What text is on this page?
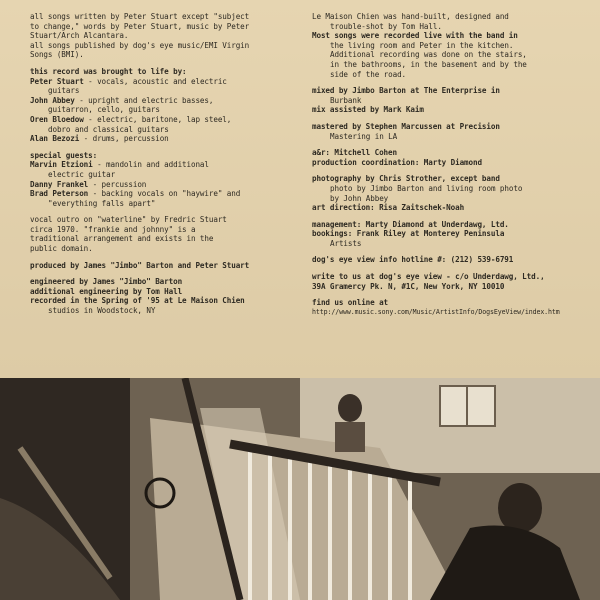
all songs written by Peter Stuart except "subject
to change," words by Peter Stuart, music by Peter
Stuart/Arch Alcantara.
all songs published by dog's eye music/EMI Virgin
Songs (BMI).
this record was brought to life by:
Peter Stuart - vocals, acoustic and electric
guitars
John Abbey - upright and electric basses,
guitarron, cello, guitars
Oren Bloedow - electric, baritone, lap steel,
dobro and classical guitars
Alan Bezozi - drums, percussion
special guests:
Marvin Etzioni - mandolin and additional
electric guitar
Danny Frankel - percussion
Brad Peterson - backing vocals on "haywire" and
"everything falls apart"
vocal outro on "waterline" by Fredric Stuart
circa 1970. "frankie and johnny" is a
traditional arrangement and exists in the
public domain.
produced by James "Jimbo" Barton and Peter Stuart
engineered by James "Jimbo" Barton
additional engineering by Tom Hall
recorded in the Spring of '95 at Le Maison Chien
studios in Woodstock, NY
Le Maison Chien was hand-built, designed and
trouble-shot by Tom Hall.
Most songs were recorded live with the band in
the living room and Peter in the kitchen.
Additional recording was done on the stairs,
in the bathrooms, in the basement and by the
side of the road.
mixed by Jimbo Barton at The Enterprise in
Burbank
mix assisted by Mark Kaim
mastered by Stephen Marcussen at Precision
Mastering in LA
a&r: Mitchell Cohen
production coordination: Marty Diamond
photography by Chris Strother, except band
photo by Jimbo Barton and living room photo
by John Abbey
art direction: Risa Zaitschek-Noah
management: Marty Diamond at Underdawg, Ltd.
bookings: Frank Riley at Monterey Peninsula
Artists
dog's eye view info hotline #: (212) 539-6791
write to us at dog's eye view - c/o Underdawg, Ltd.,
39A Gramercy Pk. N, #1C, New York, NY 10010
find us online at
http://www.music.sony.com/Music/ArtistInfo/DogsEyeView/index.htm
